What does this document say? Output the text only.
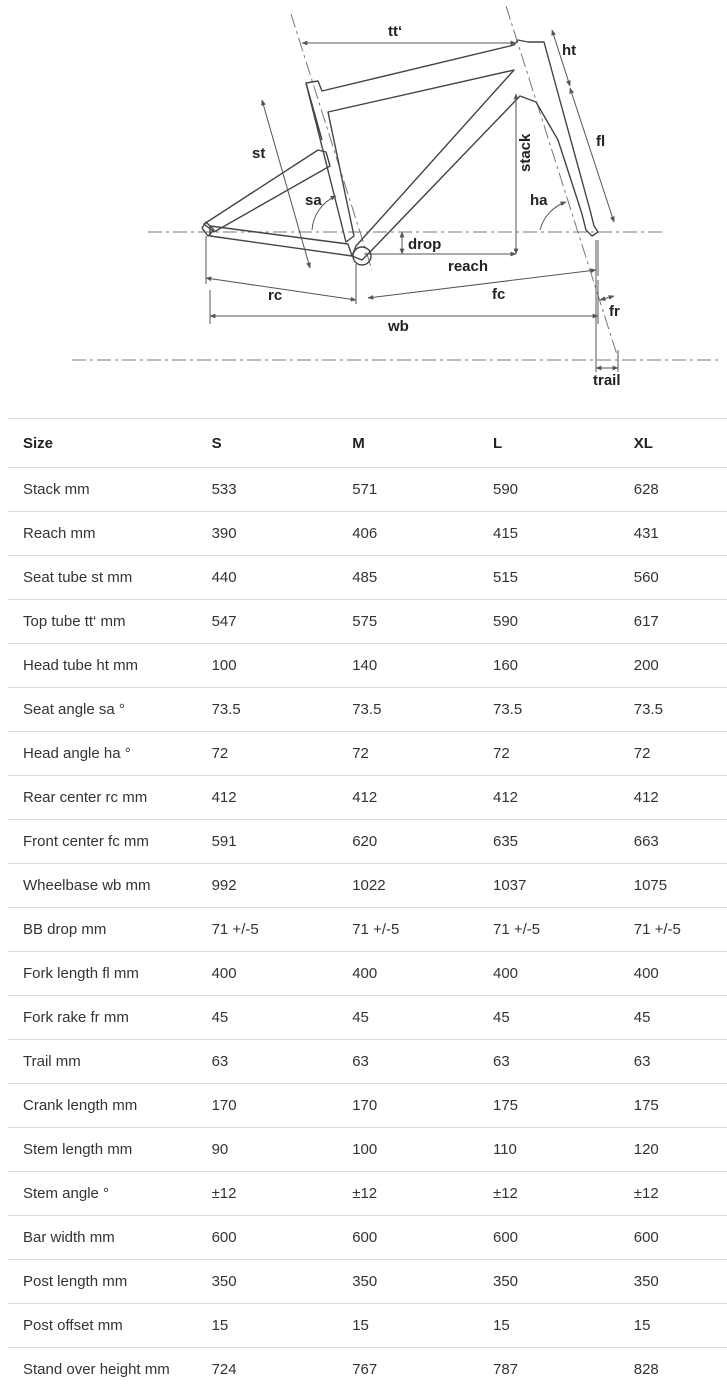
tt‘
ht
fl
st
sa	ha
stack
drop
reach
rc	fc
fr
wb
trail
Size	S	M	L	XL
Stack mm	533	571	590	628
Reach mm	390	406	415	431
Seat tube st mm	440	485	515	560
Top tube tt‘ mm	547	575	590	617
Head tube ht mm	100	140	160	200
Seat angle sa °	73.5	73.5	73.5	73.5
Head angle ha °	72	72	72	72
Rear center rc mm	412	412	412	412
Front center fc mm	591	620	635	663
Wheelbase wb mm	992	1022	1037	1075
BB drop mm	71 +/-5	71 +/-5	71 +/-5	71 +/-5
Fork length fl mm	400	400	400	400
Fork rake fr mm	45	45	45	45
Trail mm	63	63	63	63
Crank length mm	170	170	175	175
Stem length mm	90	100	110	120
Stem angle °	±12	±12	±12	±12
Bar width mm	600	600	600	600
Post length mm	350	350	350	350
Post offset mm	15	15	15	15
Stand over height mm	724	767	787	828
